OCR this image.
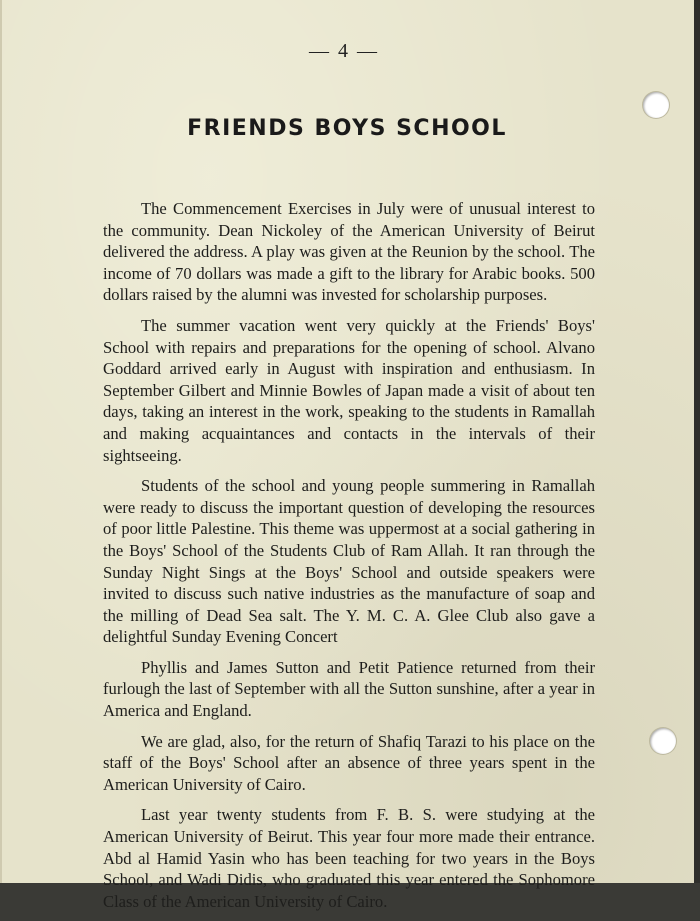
— 4 —
FRIENDS BOYS SCHOOL

The Commencement Exercises in July were of unusual interest to the community. Dean Nickoley of the American University of Beirut delivered the address. A play was given at the Reunion by the school. The income of 70 dollars was made a gift to the library for Arabic books. 500 dollars raised by the alumni was invested for scholarship purposes.

The summer vacation went very quickly at the Friends' Boys' School with repairs and preparations for the opening of school. Alvano Goddard arrived early in August with inspiration and enthusiasm. In September Gilbert and Minnie Bowles of Japan made a visit of about ten days, taking an interest in the work, speaking to the students in Ramallah and making acquaintances and contacts in the intervals of their sightseeing.

Students of the school and young people summering in Ramallah were ready to discuss the important question of developing the resources of poor little Palestine. This theme was uppermost at a social gathering in the Boys' School of the Students Club of Ram Allah. It ran through the Sunday Night Sings at the Boys' School and outside speakers were invited to discuss such native industries as the manufacture of soap and the milling of Dead Sea salt. The Y. M. C. A. Glee Club also gave a delightful Sunday Evening Concert

Phyllis and James Sutton and Petit Patience returned from their furlough the last of September with all the Sutton sunshine, after a year in America and England.

We are glad, also, for the return of Shafiq Tarazi to his place on the staff of the Boys' School after an absence of three years spent in the American University of Cairo.

Last year twenty students from F. B. S. were studying at the American University of Beirut. This year four more made their entrance. Abd al Hamid Yasin who has been teaching for two years in the Boys School, and Wadi Didis, who graduated this year entered the Sophomore Class of the American University of Cairo.
